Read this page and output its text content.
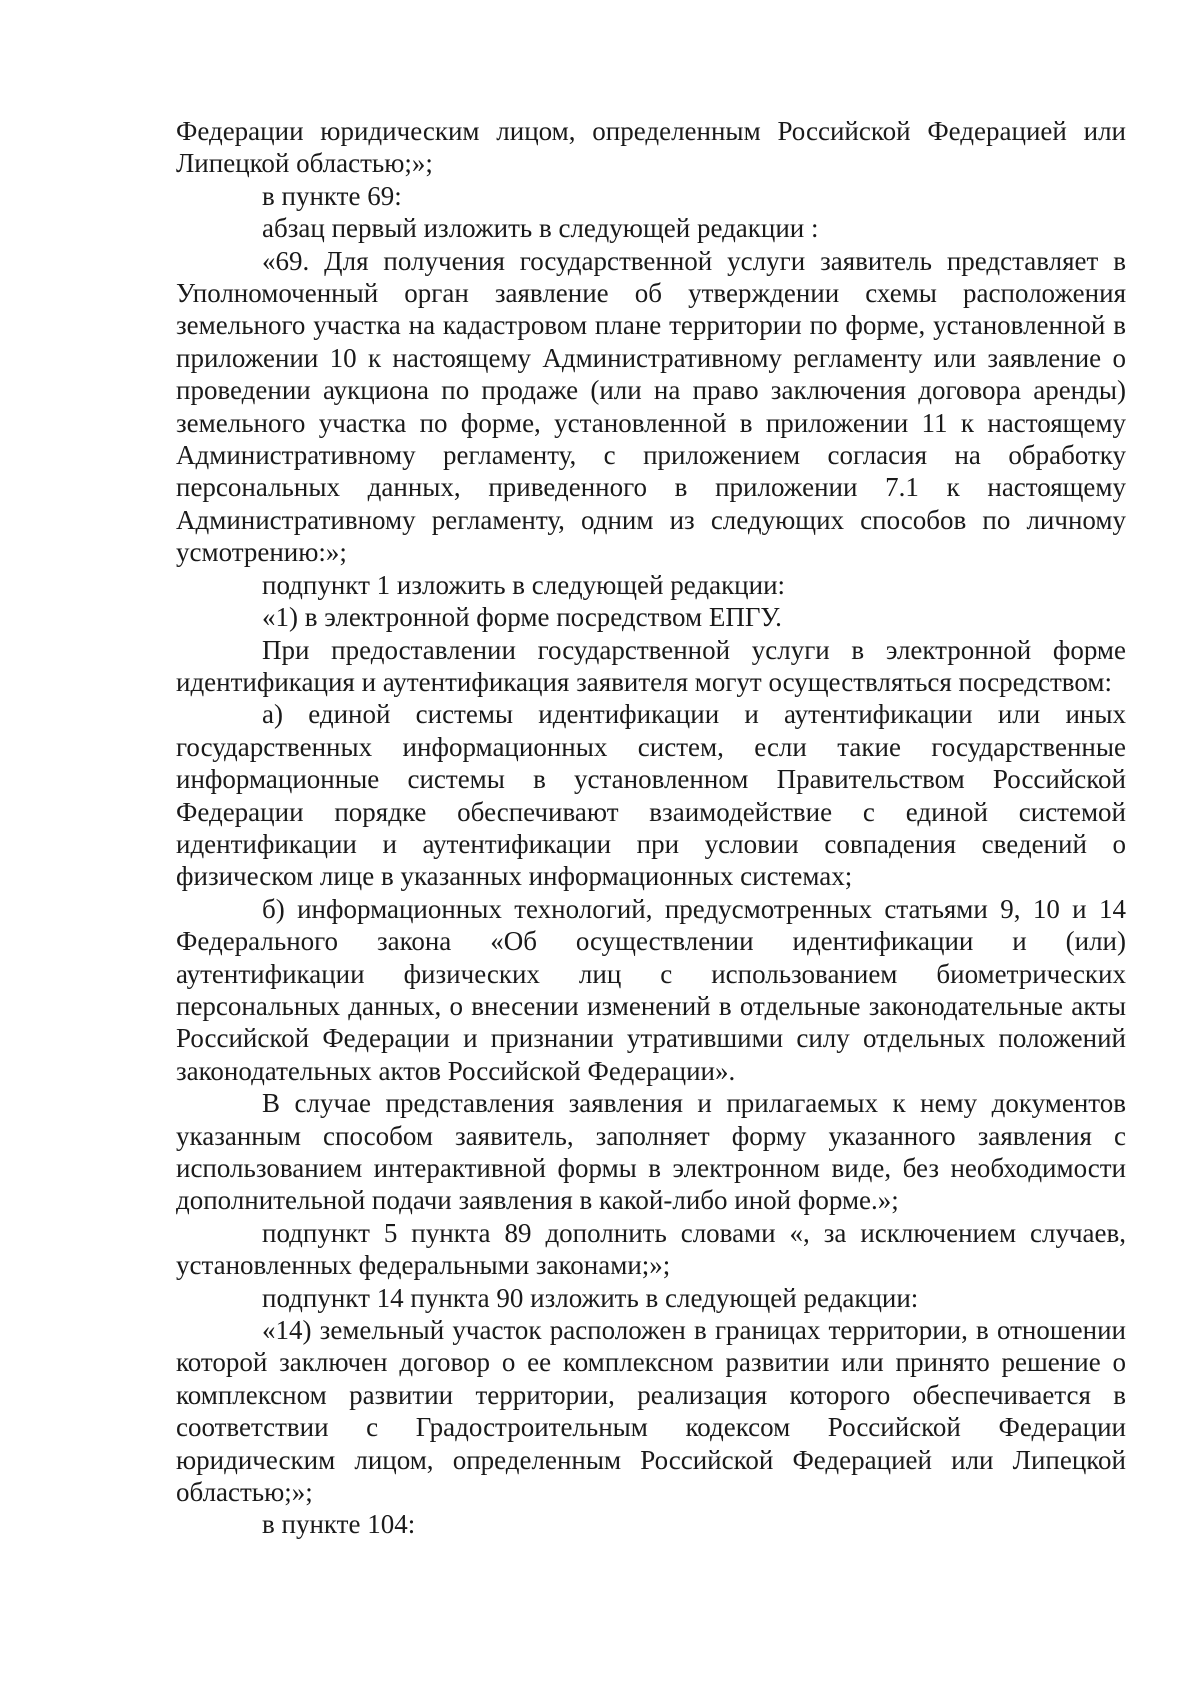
Федерации юридическим лицом, определенным Российской Федерацией или Липецкой областью;»;

в пункте 69:

абзац первый изложить в следующей редакции :

«69. Для получения государственной услуги заявитель представляет в Уполномоченный орган заявление об утверждении схемы расположения земельного участка на кадастровом плане территории по форме, установленной в приложении 10 к настоящему Административному регламенту или заявление о проведении аукциона по продаже (или на право заключения договора аренды) земельного участка по форме, установленной в приложении 11 к настоящему Административному регламенту, с приложением согласия на обработку персональных данных, приведенного в приложении 7.1 к настоящему Административному регламенту, одним из следующих способов по личному усмотрению:»;

подпункт 1 изложить в следующей редакции:

«1) в электронной форме посредством ЕПГУ.

При предоставлении государственной услуги в электронной форме идентификация и аутентификация заявителя могут осуществляться посредством:

а) единой системы идентификации и аутентификации или иных государственных информационных систем, если такие государственные информационные системы в установленном Правительством Российской Федерации порядке обеспечивают взаимодействие с единой системой идентификации и аутентификации при условии совпадения сведений о физическом лице в указанных информационных системах;

б) информационных технологий, предусмотренных статьями 9, 10 и 14 Федерального закона «Об осуществлении идентификации и (или) аутентификации физических лиц с использованием биометрических персональных данных, о внесении изменений в отдельные законодательные акты Российской Федерации и признании утратившими силу отдельных положений законодательных актов Российской Федерации».

В случае представления заявления и прилагаемых к нему документов указанным способом заявитель, заполняет форму указанного заявления с использованием интерактивной формы в электронном виде, без необходимости дополнительной подачи заявления в какой-либо иной форме.»;

подпункт 5 пункта 89 дополнить словами «, за исключением случаев, установленных федеральными законами;»;

подпункт 14 пункта 90 изложить в следующей редакции:

«14) земельный участок расположен в границах территории, в отношении которой заключен договор о ее комплексном развитии или принято решение о комплексном развитии территории, реализация которого обеспечивается в соответствии с Градостроительным кодексом Российской Федерации юридическим лицом, определенным Российской Федерацией или Липецкой областью;»;

в пункте 104:
